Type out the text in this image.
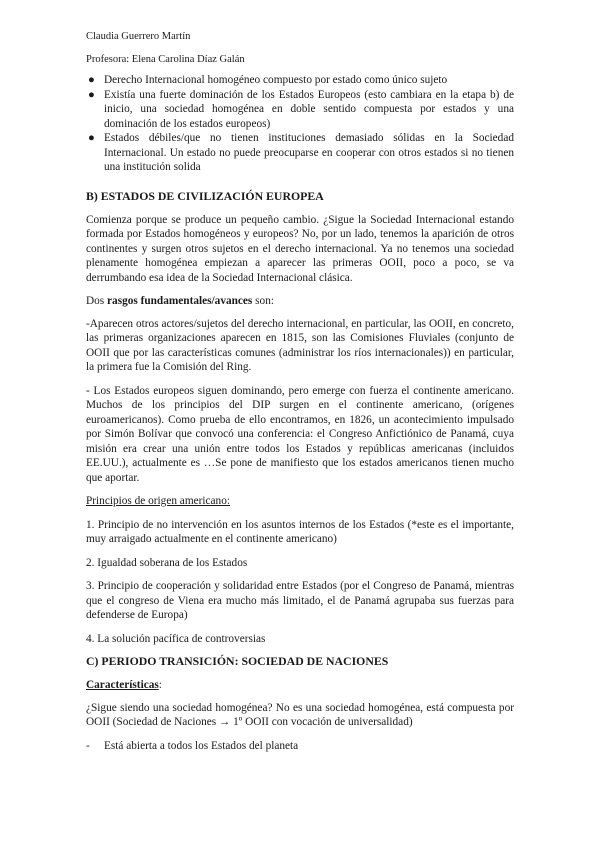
Claudia Guerrero Martín
Profesora: Elena Carolina Díaz Galán
● Derecho Internacional homogéneo compuesto por estado como único sujeto
● Existía una fuerte dominación de los Estados Europeos (esto cambiara en la etapa b) de inicio, una sociedad homogénea en doble sentido compuesta por estados y una dominación de los estados europeos)
● Estados débiles/que no tienen instituciones demasiado sólidas en la Sociedad Internacional. Un estado no puede preocuparse en cooperar con otros estados si no tienen una institución solida
B) ESTADOS DE CIVILIZACIÓN EUROPEA

Comienza porque se produce un pequeño cambio. ¿Sigue la Sociedad Internacional estando formada por Estados homogéneos y europeos? No, por un lado, tenemos la aparición de otros continentes y surgen otros sujetos en el derecho internacional. Ya no tenemos una sociedad plenamente homogénea empiezan a aparecer las primeras OOII, poco a poco, se va derrumbando esa idea de la Sociedad Internacional clásica.

Dos rasgos fundamentales/avances son:

-Aparecen otros actores/sujetos del derecho internacional, en particular, las OOII, en concreto, las primeras organizaciones aparecen en 1815, son las Comisiones Fluviales (conjunto de OOII que por las características comunes (administrar los ríos internacionales)) en particular, la primera fue la Comisión del Ring.

- Los Estados europeos siguen dominando, pero emerge con fuerza el continente americano. Muchos de los principios del DIP surgen en el continente americano, (orígenes euroamericanos). Como prueba de ello encontramos, en 1826, un acontecimiento impulsado por Simón Bolívar que convocó una conferencia: el Congreso Anfictiónico de Panamá, cuya misión era crear una unión entre todos los Estados y repúblicas americanas (incluidos EE.UU.), actualmente es …Se pone de manifiesto que los estados americanos tienen mucho que aportar.

Principios de origen americano:

1. Principio de no intervención en los asuntos internos de los Estados (*este es el importante, muy arraigado actualmente en el continente americano)

2. Igualdad soberana de los Estados

3. Principio de cooperación y solidaridad entre Estados (por el Congreso de Panamá, mientras que el congreso de Viena era mucho más limitado, el de Panamá agrupaba sus fuerzas para defenderse de Europa)

4. La solución pacífica de controversias

C) PERIODO TRANSICIÓN: SOCIEDAD DE NACIONES

Características:

¿Sigue siendo una sociedad homogénea? No es una sociedad homogénea, está compuesta por OOII (Sociedad de Naciones → 1º OOII con vocación de universalidad)

- Está abierta a todos los Estados del planeta
